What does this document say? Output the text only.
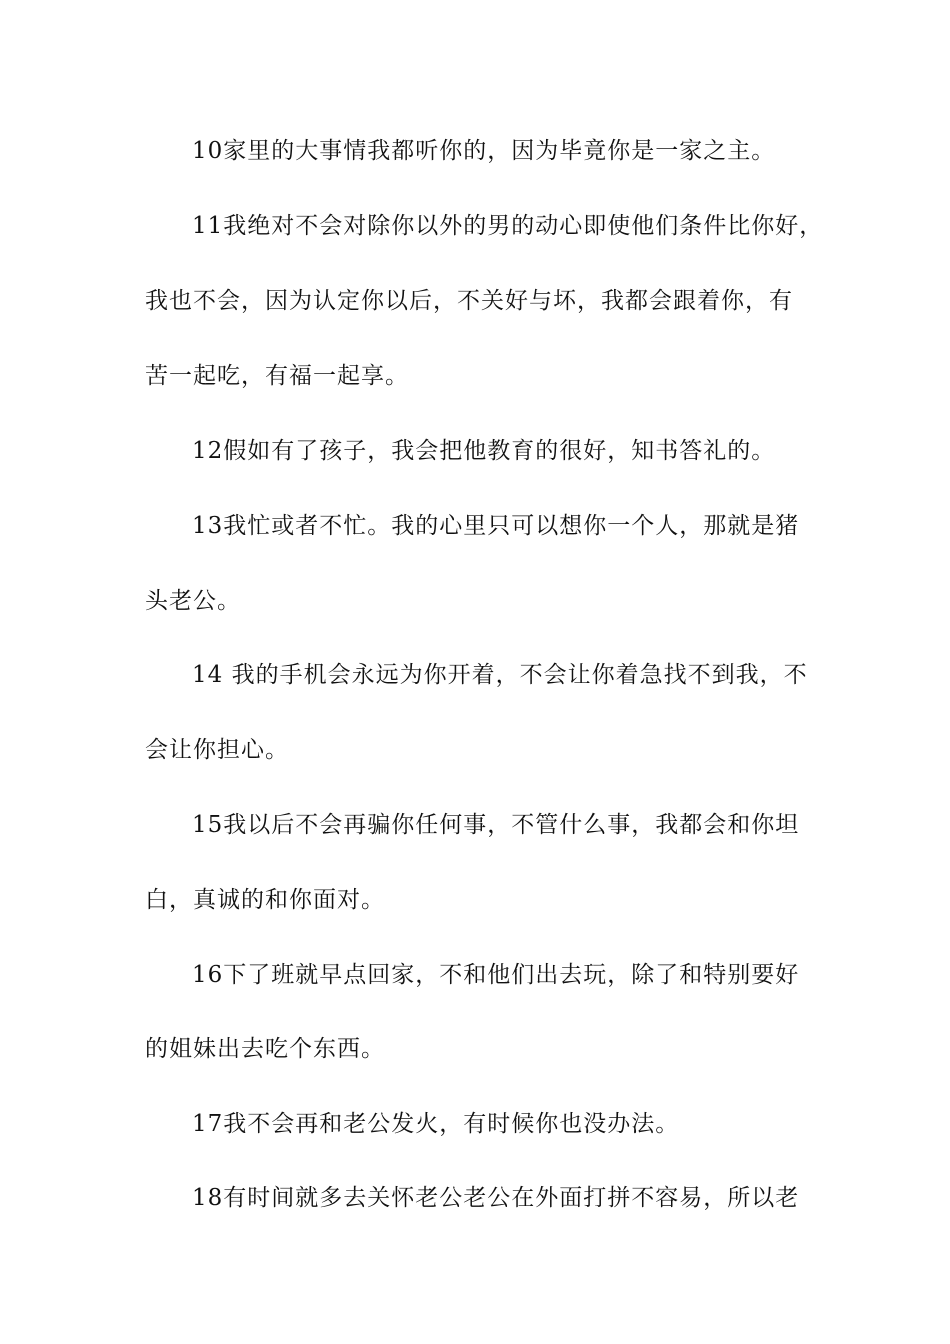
10家里的大事情我都听你的，因为毕竟你是一家之主。
11我绝对不会对除你以外的男的动心即使他们条件比你好，
我也不会，因为认定你以后，不关好与坏，我都会跟着你，有
苦一起吃，有福一起享。
12假如有了孩子，我会把他教育的很好，知书答礼的。
13我忙或者不忙。我的心里只可以想你一个人，那就是猪
头老公。
14 我的手机会永远为你开着，不会让你着急找不到我，不
会让你担心。
15我以后不会再骗你任何事，不管什么事，我都会和你坦
白，真诚的和你面对。
16下了班就早点回家，不和他们出去玩，除了和特别要好
的姐妹出去吃个东西。
17我不会再和老公发火，有时候你也没办法。
18有时间就多去关怀老公老公在外面打拼不容易，所以老
